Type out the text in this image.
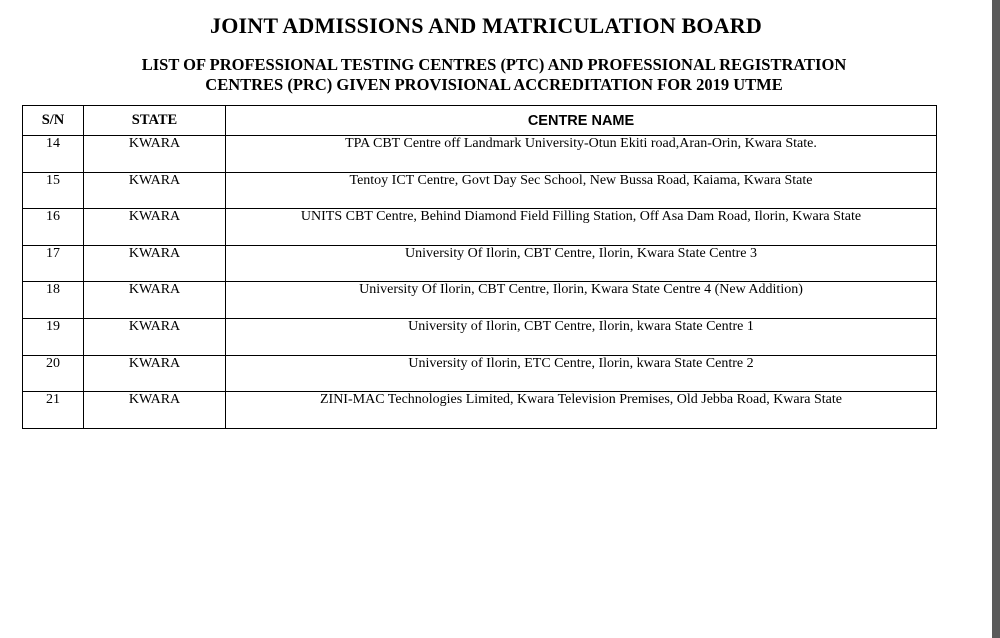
JOINT ADMISSIONS AND MATRICULATION BOARD
LIST OF PROFESSIONAL TESTING CENTRES (PTC) AND PROFESSIONAL REGISTRATION
CENTRES (PRC) GIVEN PROVISIONAL ACCREDITATION FOR 2019 UTME
S/N	STATE	CENTRE NAME
14	KWARA	TPA CBT Centre off Landmark University-Otun Ekiti road,Aran-Orin, Kwara State.
15	KWARA	Tentoy ICT Centre, Govt Day Sec School, New Bussa Road, Kaiama, Kwara State
16	KWARA	UNITS CBT Centre, Behind Diamond Field Filling Station, Off Asa Dam Road, Ilorin, Kwara State
17	KWARA	University Of Ilorin, CBT Centre, Ilorin, Kwara State Centre 3
18	KWARA	University Of Ilorin, CBT Centre, Ilorin, Kwara State Centre 4 (New Addition)
19	KWARA	University of Ilorin, CBT Centre, Ilorin, kwara State Centre 1
20	KWARA	University of Ilorin, ETC Centre, Ilorin, kwara State Centre 2
21	KWARA	ZINI-MAC Technologies Limited, Kwara Television Premises, Old Jebba Road, Kwara State
